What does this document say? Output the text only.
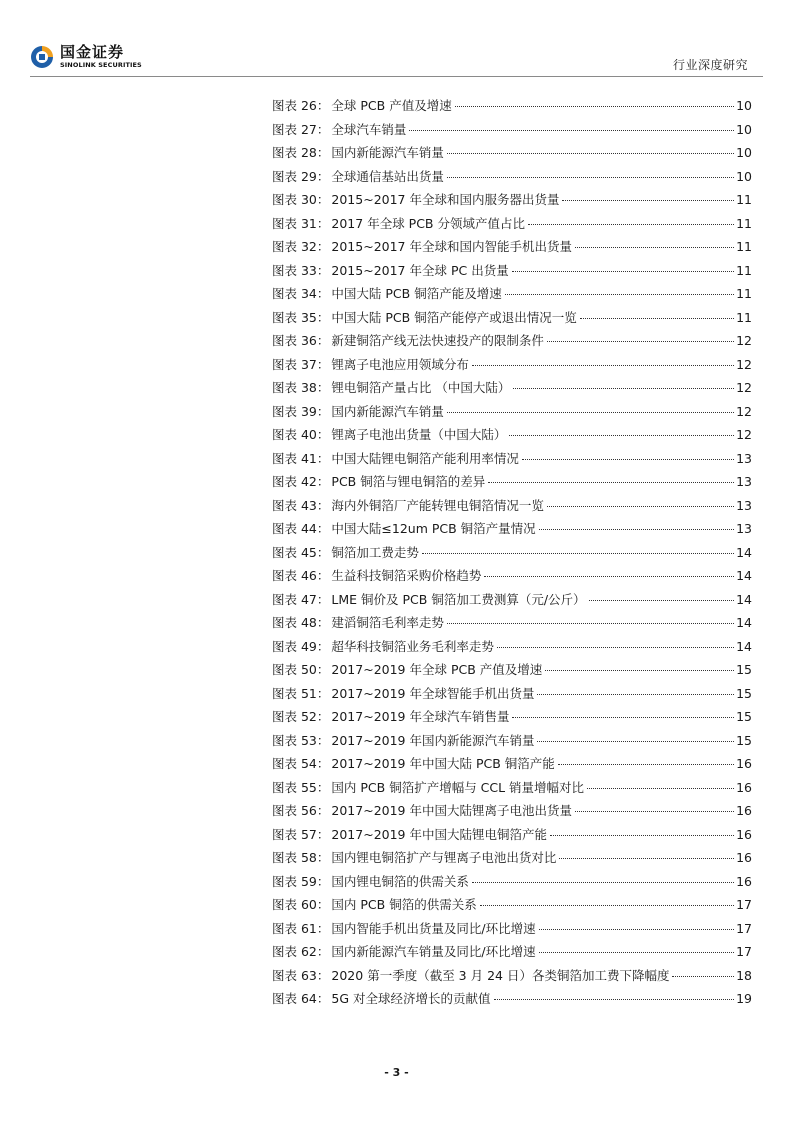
国金证券
SINOLINK SECURITIES	行业深度研究
图表 26 ： 全球 PCB 产值及增速	10
图表 27 ： 全球汽车销量	10
图表 28 ： 国内新能源汽车销量	10
图表 29 ： 全球通信基站出货量	10
图表 30 ： 2015~2017 年全球和国内服务器出货量	11
图表 31 ： 2017 年全球 PCB 分领域产值占比	11
图表 32 ： 2015~2017 年全球和国内智能手机出货量	11
图表 33 ： 2015~2017 年全球 PC 出货量	11
图表 34 ： 中国大陆 PCB 铜箔产能及增速	11
图表 35 ： 中国大陆 PCB 铜箔产能停产或退出情况一览	11
图表 36 ： 新建铜箔产线无法快速投产的限制条件	12
图表 37 ： 锂离子电池应用领域分布	12
图表 38 ： 锂电铜箔产量占比 （中国大陆）	12
图表 39 ： 国内新能源汽车销量	12
图表 40 ： 锂离子电池出货量（中国大陆）	12
图表 41 ： 中国大陆锂电铜箔产能利用率情况	13
图表 42 ： PCB 铜箔与锂电铜箔的差异	13
图表 43 ： 海内外铜箔厂产能转锂电铜箔情况一览	13
图表 44 ： 中国大陆≤12um PCB 铜箔产量情况	13
图表 45 ： 铜箔加工费走势	14
图表 46 ： 生益科技铜箔采购价格趋势	14
图表 47 ： LME 铜价及 PCB 铜箔加工费测算（元/公斤）	14
图表 48 ： 建滔铜箔毛利率走势	14
图表 49 ： 超华科技铜箔业务毛利率走势	14
图表 50 ： 2017~2019 年全球 PCB 产值及增速	15
图表 51 ： 2017~2019 年全球智能手机出货量	15
图表 52 ： 2017~2019 年全球汽车销售量	15
图表 53 ： 2017~2019 年国内新能源汽车销量	15
图表 54 ： 2017~2019 年中国大陆 PCB 铜箔产能	16
图表 55 ： 国内 PCB 铜箔扩产增幅与 CCL 销量增幅对比	16
图表 56 ： 2017~2019 年中国大陆锂离子电池出货量	16
图表 57 ： 2017~2019 年中国大陆锂电铜箔产能	16
图表 58 ： 国内锂电铜箔扩产与锂离子电池出货对比	16
图表 59 ： 国内锂电铜箔的供需关系	16
图表 60 ： 国内 PCB 铜箔的供需关系	17
图表 61 ： 国内智能手机出货量及同比/环比增速	17
图表 62 ： 国内新能源汽车销量及同比/环比增速	17
图表 63 ： 2020 第一季度（截至 3 月 24 日）各类铜箔加工费下降幅度	18
图表 64 ： 5G 对全球经济增长的贡献值	19
- 3 -
